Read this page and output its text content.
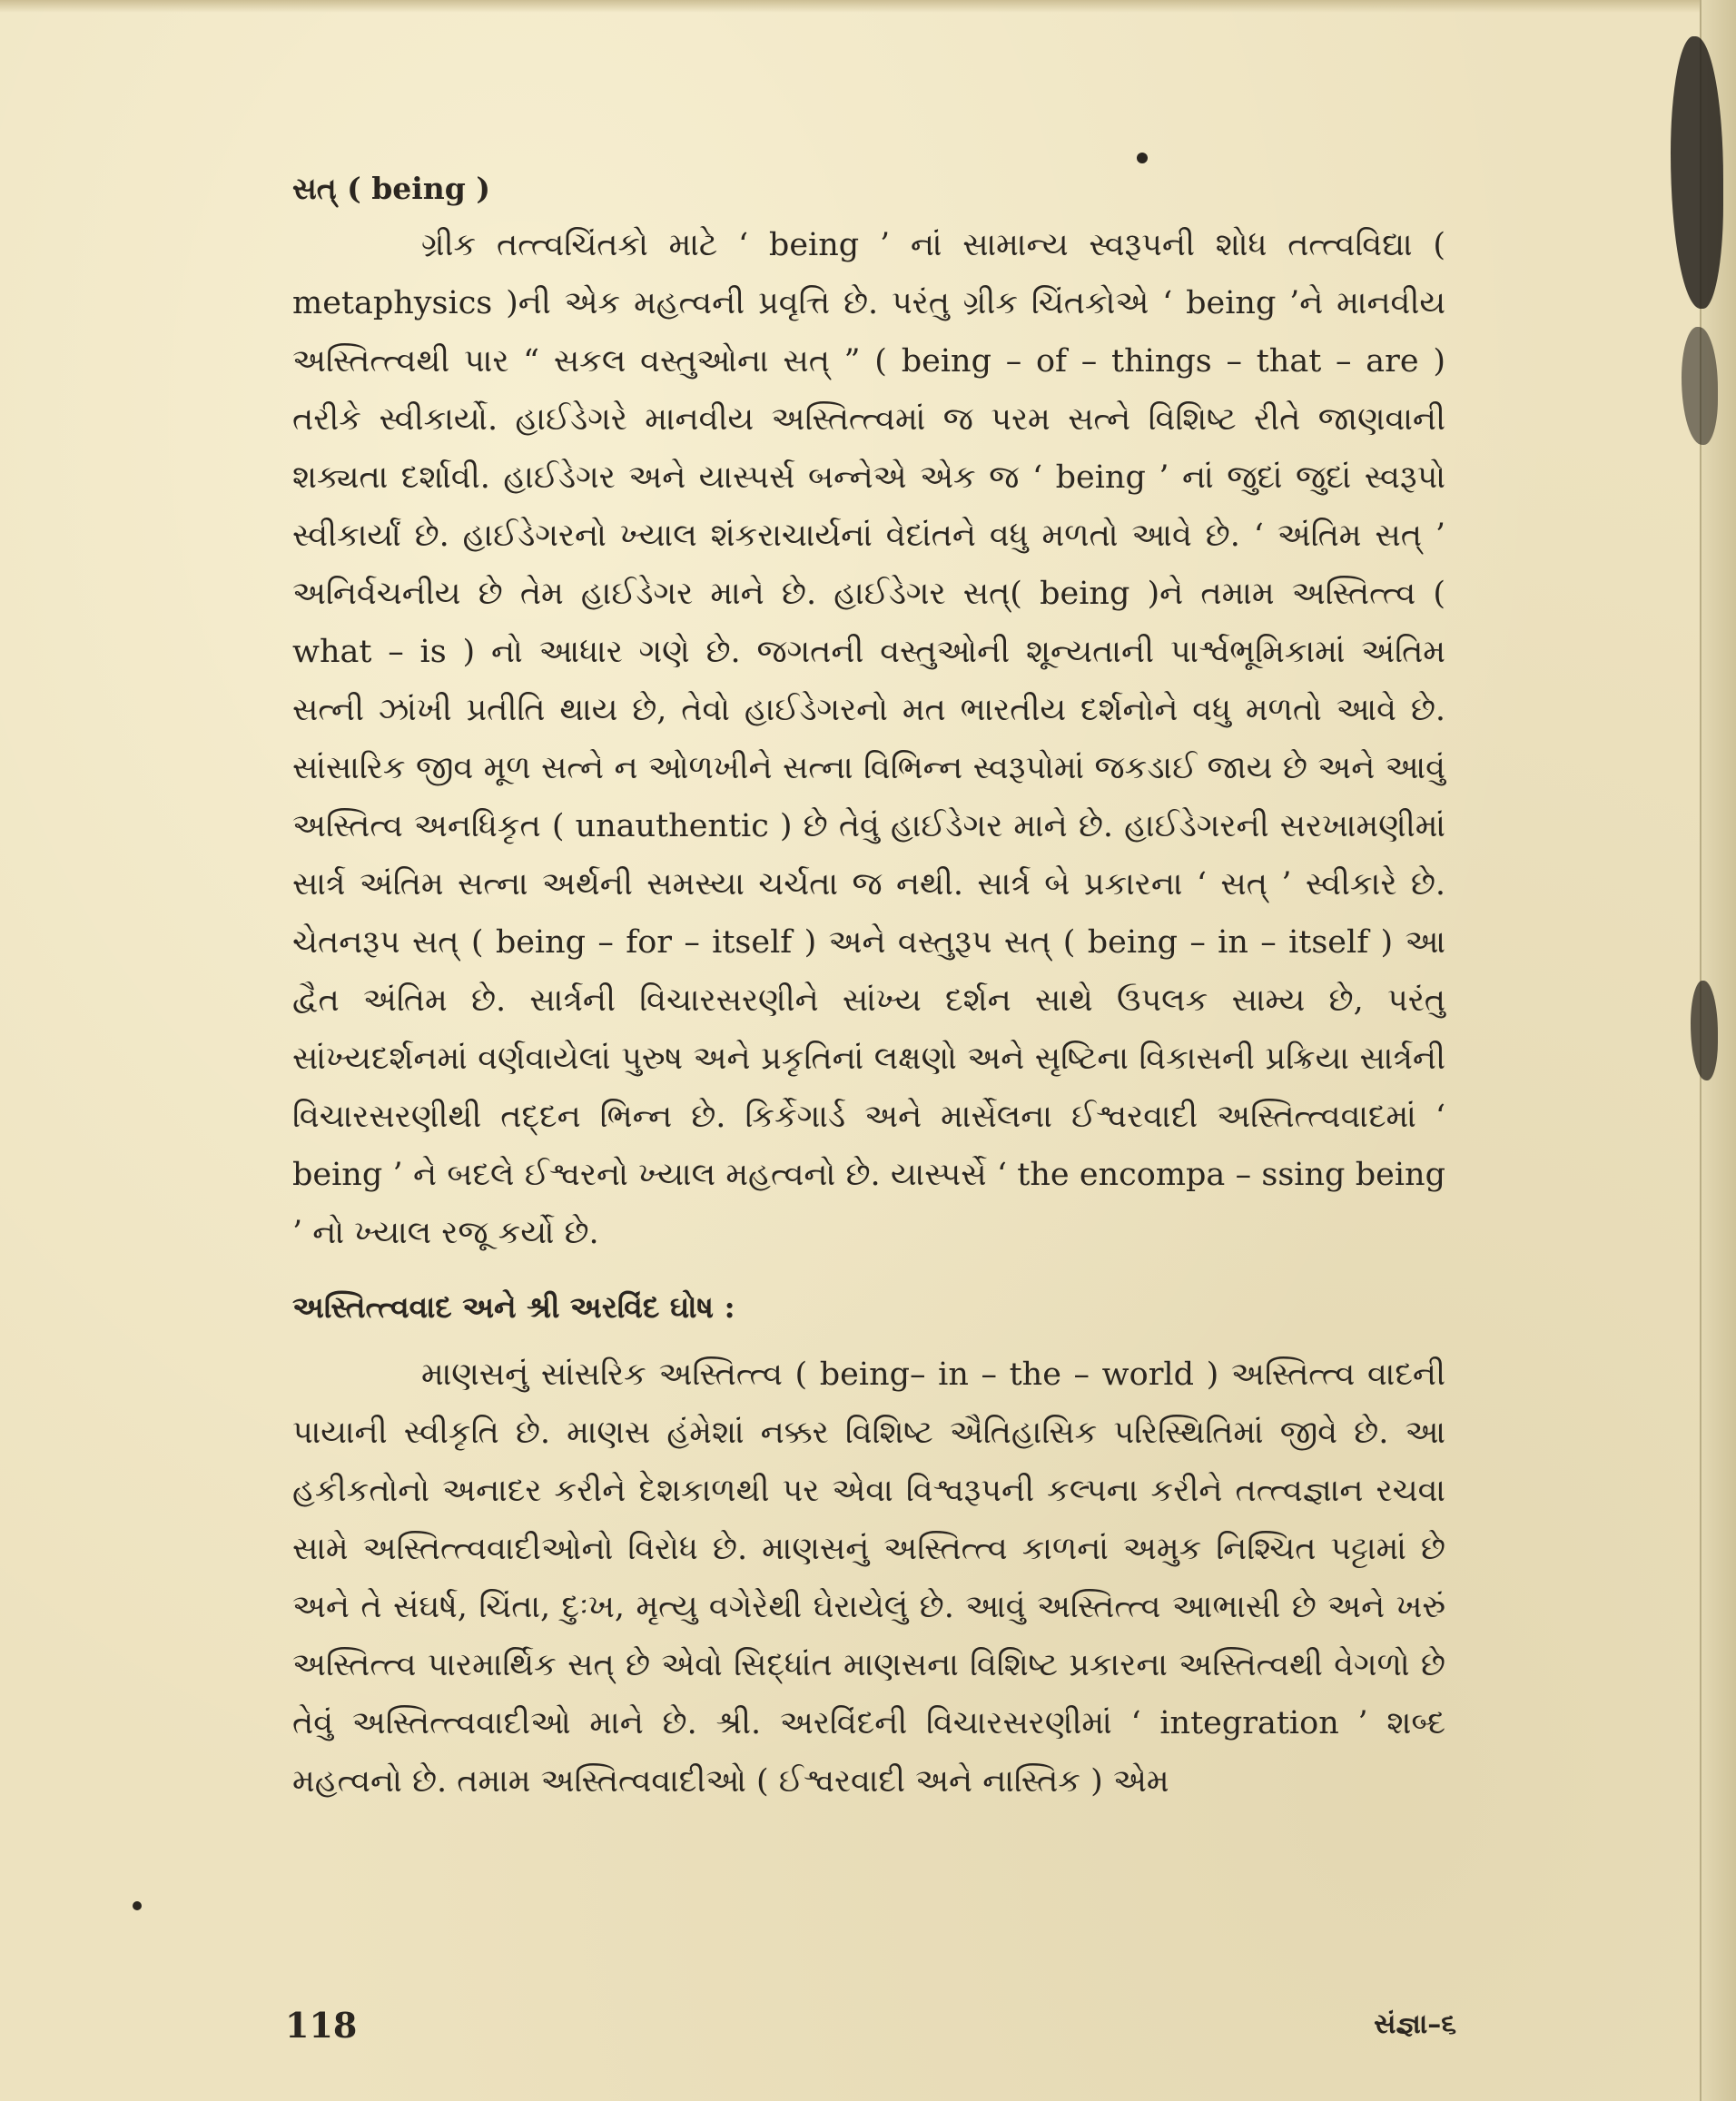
સત્ ( being )

ગ્રીક તત્ત્વચિંતકો માટે ‘ being ’ નાં સામાન્ય સ્વરૂપની શોધ તત્ત્વવિદ્યા ( metaphysics )ની એક મહત્વની પ્રવૃત્તિ છે. પરંતુ ગ્રીક ચિંતકોએ ‘ being ’ને માનવીય અસ્તિત્ત્વથી પાર “ સકલ વસ્તુઓના સત્ ” ( being – of – things – that – are ) તરીકે સ્વીકાર્યો. હાઈડેગરે માનવીય અસ્તિત્ત્વમાં જ પરમ સત્ને વિશિષ્ટ રીતે જાણવાની શક્યતા દર્શાવી. હાઈડેગર અને યાસ્પર્સ બન્નેએ એક જ ‘ being ’ નાં જુદાં જુદાં સ્વરૂપો સ્વીકાર્યાં છે. હાઈડેગરનો ખ્યાલ શંકરાચાર્યનાં વેદાંતને વધુ મળતો આવે છે. ‘ અંતિમ સત્ ’ અનિર્વચનીય છે તેમ હાઈડેગર માને છે. હાઈડેગર સત્( being )ને તમામ અસ્તિત્ત્વ ( what – is ) નો આધાર ગણે છે. જગતની વસ્તુઓની શૂન્યતાની પાર્શ્વભૂમિકામાં અંતિમ સત્ની ઝાંખી પ્રતીતિ થાય છે, તેવો હાઈડેગરનો મત ભારતીય દર્શનોને વધુ મળતો આવે છે. સાંસારિક જીવ મૂળ સત્ને ન ઓળખીને સત્ના વિભિન્ન સ્વરૂપોમાં જકડાઈ જાય છે અને આવું અસ્તિત્વ અનધિકૃત ( unauthentic ) છે તેવું હાઈડેગર માને છે. હાઈડેગરની સરખામણીમાં સાર્ત્ર અંતિમ સત્ના અર્થની સમસ્યા ચર્ચતા જ નથી. સાર્ત્ર બે પ્રકારના ‘ સત્ ’ સ્વીકારે છે. ચેતનરૂપ સત્ ( being – for – itself ) અને વસ્તુરૂપ સત્ ( being – in – itself ) આ દ્વૈત અંતિમ છે. સાર્ત્રની વિચારસરણીને સાંખ્ય દર્શન સાથે ઉપલક સામ્ય છે, પરંતુ સાંખ્યદર્શનમાં વર્ણવાયેલાં પુરુષ અને પ્રકૃતિનાં લક્ષણો અને સૃષ્ટિના વિકાસની પ્રક્રિયા સાર્ત્રની વિચારસરણીથી તદ્દન ભિન્ન છે. કિર્કેગાર્ડ અને માર્સેલના ઈશ્વરવાદી અસ્તિત્ત્વવાદમાં ‘ being ’ ને બદલે ઈશ્વરનો ખ્યાલ મહત્વનો છે. યાસ્પર્સે ‘ the encompa – ssing being ’ નો ખ્યાલ રજૂ કર્યો છે.

અસ્તિત્ત્વવાદ અને શ્રી અરવિંદ ઘોષ :

માણસનું સાંસરિક અસ્તિત્ત્વ ( being– in – the – world ) અસ્તિત્ત્વ વાદની પાયાની સ્વીકૃતિ છે. માણસ હંમેશાં નક્કર વિશિષ્ટ ઐતિહાસિક પરિસ્થિતિમાં જીવે છે. આ હકીકતોનો અનાદર કરીને દેશકાળથી પર એવા વિશ્વરૂપની કલ્પના કરીને તત્ત્વજ્ઞાન રચવા સામે અસ્તિત્ત્વવાદીઓનો વિરોધ છે. માણસનું અસ્તિત્ત્વ કાળનાં અમુક નિશ્ચિત પટ્ટામાં છે અને તે સંઘર્ષ, ચિંતા, દુઃખ, મૃત્યુ વગેરેથી ઘેરાયેલું છે. આવું અસ્તિત્ત્વ આભાસી છે અને ખરું અસ્તિત્ત્વ પારમાર્થિક સત્ છે એવો સિદ્ધાંત માણસના વિશિષ્ટ પ્રકારના અસ્તિત્વથી વેગળો છે તેવું અસ્તિત્ત્વવાદીઓ માને છે. શ્રી. અરવિંદની વિચારસરણીમાં ‘ integration ’ શબ્દ મહત્વનો છે. તમામ અસ્તિત્વવાદીઓ ( ઈશ્વરવાદી અને નાસ્તિક ) એમ

118	સંજ્ઞા–૬
